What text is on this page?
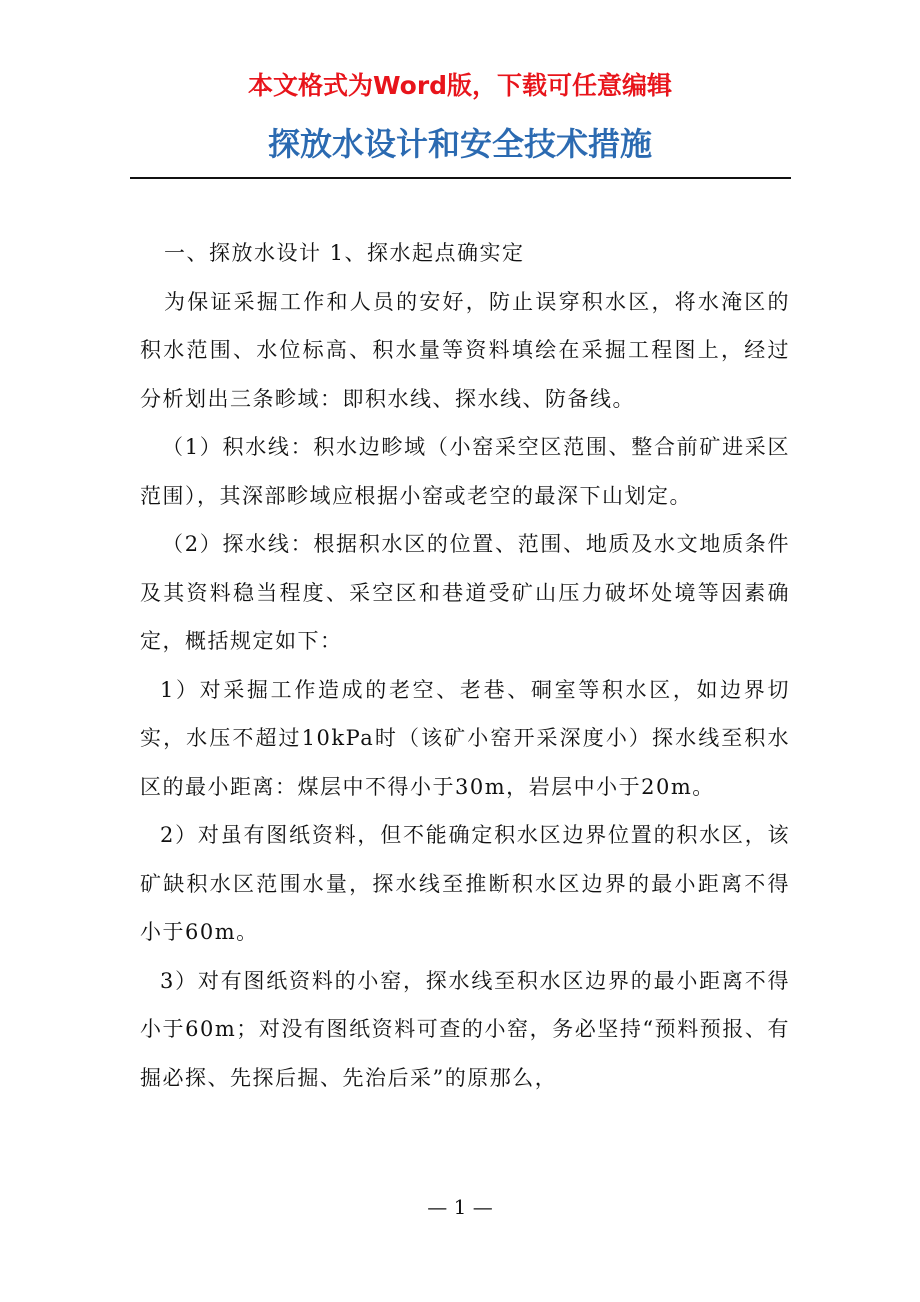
本文格式为Word版，下载可任意编辑
探放水设计和安全技术措施

一、探放水设计 1、探水起点确实定

为保证采掘工作和人员的安好，防止误穿积水区，将水淹区的积水范围、水位标高、积水量等资料填绘在采掘工程图上，经过分析划出三条畛域：即积水线、探水线、防备线。

（1）积水线：积水边畛域（小窑采空区范围、整合前矿进采区范围），其深部畛域应根据小窑或老空的最深下山划定。

（2）探水线：根据积水区的位置、范围、地质及水文地质条件及其资料稳当程度、采空区和巷道受矿山压力破坏处境等因素确定，概括规定如下：

1）对采掘工作造成的老空、老巷、硐室等积水区，如边界切实，水压不超过10kPa时（该矿小窑开采深度小）探水线至积水区的最小距离：煤层中不得小于30m，岩层中小于20m。

2）对虽有图纸资料，但不能确定积水区边界位置的积水区，该矿缺积水区范围水量，探水线至推断积水区边界的最小距离不得小于60m。

3）对有图纸资料的小窑，探水线至积水区边界的最小距离不得小于60m；对没有图纸资料可查的小窑，务必坚持“预料预报、有掘必探、先探后掘、先治后采”的原那么，

— 1 —
